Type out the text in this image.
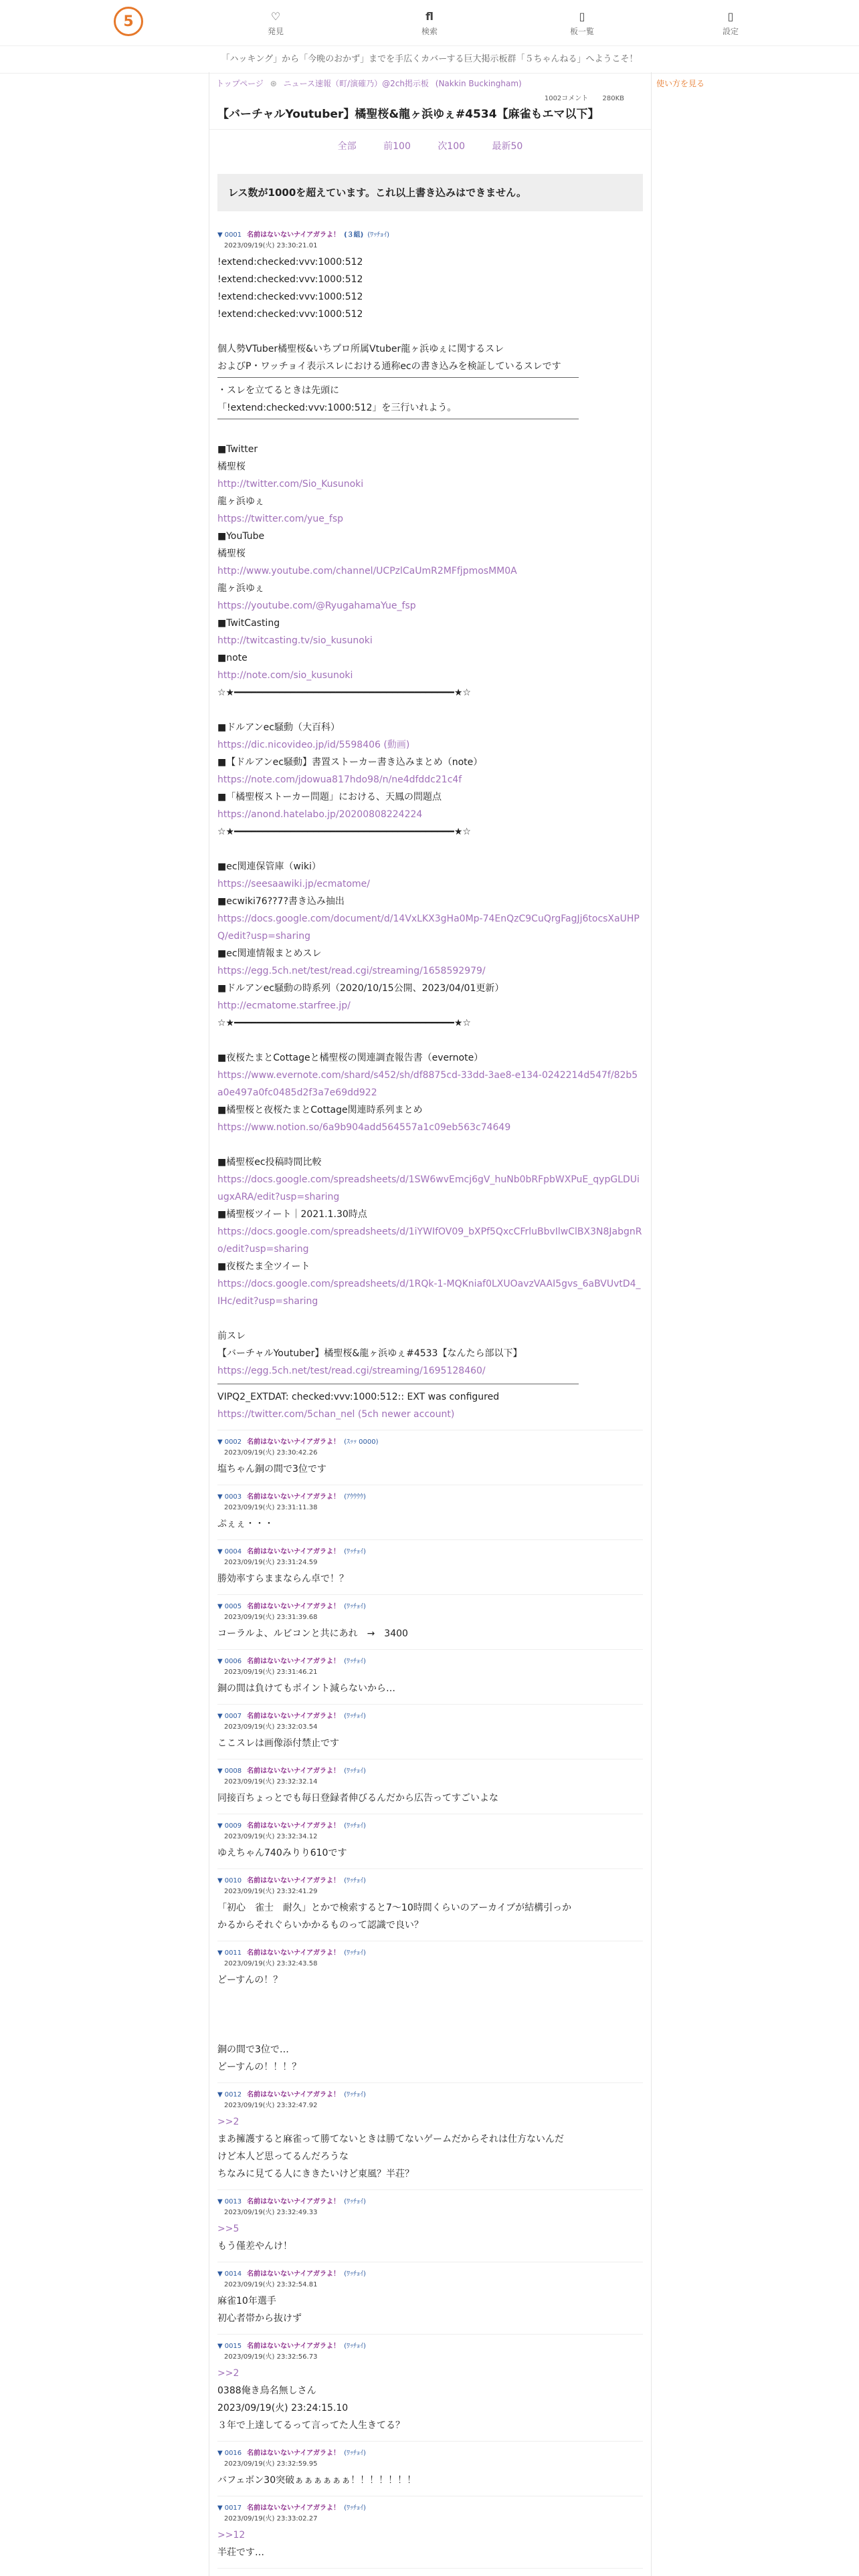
5	♡
発見
fl
検索
▯
板一覧
▯
設定
「ハッキング」から「今晩のおかず」までを手広くカバーする巨大掲示板群「５ちゃんねる」へようこそ！
トップページ ⊛ ニュース速報（町/演確乃）@2ch掲示板 (Nakkin Buckingham)	使い方を見る
1002コメント 280KB
【バーチャルYoutuber】橘聖桜&龍ヶ浜ゆぇ#4534【麻雀もエマ以下】
全部	前100	次100	最新50
レス数が1000を超えています。これ以上書き込みはできません。
▼ 0001 名前はないないナイアガラよ！ (３組) (ﾜｯﾁｮｲ)
2023/09/19(火) 23:30:21.01

!extend:checked:vvv:1000:512

!extend:checked:vvv:1000:512

!extend:checked:vvv:1000:512

!extend:checked:vvv:1000:512

個人勢VTuber橘聖桜&いちプロ所属Vtuber龍ヶ浜ゆぇに関するスレ

およびP・ワッチョイ表示スレにおける通称ecの書き込みを検証しているスレです

・スレを立てるときは先頭に

「!extend:checked:vvv:1000:512」を三行いれよう。

■Twitter

橘聖桜

http://twitter.com/Sio_Kusunoki

龍ヶ浜ゆぇ

https://twitter.com/yue_fsp

■YouTube

橘聖桜

http://www.youtube.com/channel/UCPzlCaUmR2MFfjpmosMM0A

龍ヶ浜ゆぇ

https://youtube.com/@RyugahamaYue_fsp

■TwitCasting

http://twitcasting.tv/sio_kusunoki

■note

http://note.com/sio_kusunoki

☆★━━━━━━━━━━━━━━━━━━━━━━━━━━━━━━━━━━━━━━━★☆

■ドルアンec騒動（大百科）

https://dic.nicovideo.jp/id/5598406 (動画)

■【ドルアンec騒動】書置ストーカー書き込みまとめ（note）

https://note.com/jdowua817hdo98/n/ne4dfddc21c4f

■「橘聖桜ストーカー問題」における、天鳳の問題点

https://anond.hatelabo.jp/20200808224224

☆★━━━━━━━━━━━━━━━━━━━━━━━━━━━━━━━━━━━━━━━★☆

■ec関連保管庫（wiki）

https://seesaawiki.jp/ecmatome/

■ecwiki76??7?書き込み抽出

https://docs.google.com/document/d/14VxLKX3gHa0Mp-74EnQzC9CuQrgFagJj6tocsXaUHPQ/edit?usp=sharing

■ec関連情報まとめスレ

https://egg.5ch.net/test/read.cgi/streaming/1658592979/

■ドルアンec騒動の時系列（2020/10/15公開、2023/04/01更新）

http://ecmatome.starfree.jp/

☆★━━━━━━━━━━━━━━━━━━━━━━━━━━━━━━━━━━━━━━━★☆

■夜桜たまとCottageと橘聖桜の関連調査報告書（evernote）

https://www.evernote.com/shard/s452/sh/df8875cd-33dd-3ae8-e134-0242214d547f/82b5a0e497a0fc0485d2f3a7e69dd922

■橘聖桜と夜桜たまとCottage関連時系列まとめ

https://www.notion.so/6a9b904add564557a1c09eb563c74649

■橘聖桜ec投稿時間比較

https://docs.google.com/spreadsheets/d/1SW6wvEmcj6gV_huNb0bRFpbWXPuE_qypGLDUiugxARA/edit?usp=sharing

■橘聖桜ツイート｜2021.1.30時点

https://docs.google.com/spreadsheets/d/1iYWIfOV09_bXPf5QxcCFrluBbvIlwClBX3N8JabgnRo/edit?usp=sharing

■夜桜たま全ツイート

https://docs.google.com/spreadsheets/d/1RQk-1-MQKniaf0LXUOavzVAAI5gvs_6aBVUvtD4_IHc/edit?usp=sharing

前スレ

【バーチャルYoutuber】橘聖桜&龍ヶ浜ゆぇ#4533【なんたら部以下】

https://egg.5ch.net/test/read.cgi/streaming/1695128460/

VIPQ2_EXTDAT: checked:vvv:1000:512:: EXT was configured

https://twitter.com/5chan_nel (5ch newer account)

▼ 0002 名前はないないナイアガラよ！ (ｽｯｯ 0000)
2023/09/19(火) 23:30:42.26

塩ちゃん銅の間で3位です

▼ 0003 名前はないないナイアガラよ！ (ｱｳｳｳｳ)
2023/09/19(火) 23:31:11.38

ぷぇぇ・・・

▼ 0004 名前はないないナイアガラよ！ (ﾜｯﾁｮｲ)
2023/09/19(火) 23:31:24.59

勝効率すらままならん卓で！？

▼ 0005 名前はないないナイアガラよ！ (ﾜｯﾁｮｲ)
2023/09/19(火) 23:31:39.68

コーラルよ、ルビコンと共にあれ　→　3400

▼ 0006 名前はないないナイアガラよ！ (ﾜｯﾁｮｲ)
2023/09/19(火) 23:31:46.21

銅の間は負けてもポイント減らないから…

▼ 0007 名前はないないナイアガラよ！ (ﾜｯﾁｮｲ)
2023/09/19(火) 23:32:03.54

ここスレは画像添付禁止です

▼ 0008 名前はないないナイアガラよ！ (ﾜｯﾁｮｲ)
2023/09/19(火) 23:32:32.14

同接百ちょっとでも毎日登録者伸びるんだから広告ってすごいよな

▼ 0009 名前はないないナイアガラよ！ (ﾜｯﾁｮｲ)
2023/09/19(火) 23:32:34.12

ゆえちゃん740みりり610です

▼ 0010 名前はないないナイアガラよ！ (ﾜｯﾁｮｲ)
2023/09/19(火) 23:32:41.29

「初心　雀士　耐久」とかで検索すると7〜10時間くらいのアーカイブが結構引っか

かるからそれぐらいかかるものって認識で良い？

▼ 0011 名前はないないナイアガラよ！ (ﾜｯﾁｮｲ)
2023/09/19(火) 23:32:43.58

どーすんの！？

銅の間で3位で…

どーすんの！！！？

▼ 0012 名前はないないナイアガラよ！ (ﾜｯﾁｮｲ)
2023/09/19(火) 23:32:47.92

>>2

まあ擁護すると麻雀って勝てないときは勝てないゲームだからそれは仕方ないんだ

けど本人ど思ってるんだろうな

ちなみに見てる人にききたいけど東風？半荘？

▼ 0013 名前はないないナイアガラよ！ (ﾜｯﾁｮｲ)
2023/09/19(火) 23:32:49.33

>>5

もう僅差やんけ！

▼ 0014 名前はないないナイアガラよ！ (ﾜｯﾁｮｲ)
2023/09/19(火) 23:32:54.81

麻雀10年選手

初心者帯から抜けず

▼ 0015 名前はないないナイアガラよ！ (ﾜｯﾁｮｲ)
2023/09/19(火) 23:32:56.73

>>2

0388俺き鳥名無しさん

2023/09/19(火) 23:24:15.10

３年で上達してるって言ってた人生きてる？

▼ 0016 名前はないないナイアガラよ！ (ﾜｯﾁｮｲ)
2023/09/19(火) 23:32:59.95

バフェボン30突破ぁぁぁぁぁぁ！！！！！！！

▼ 0017 名前はないないナイアガラよ！ (ﾜｯﾁｮｲ)
2023/09/19(火) 23:33:02.27

>>12

半荘です…
